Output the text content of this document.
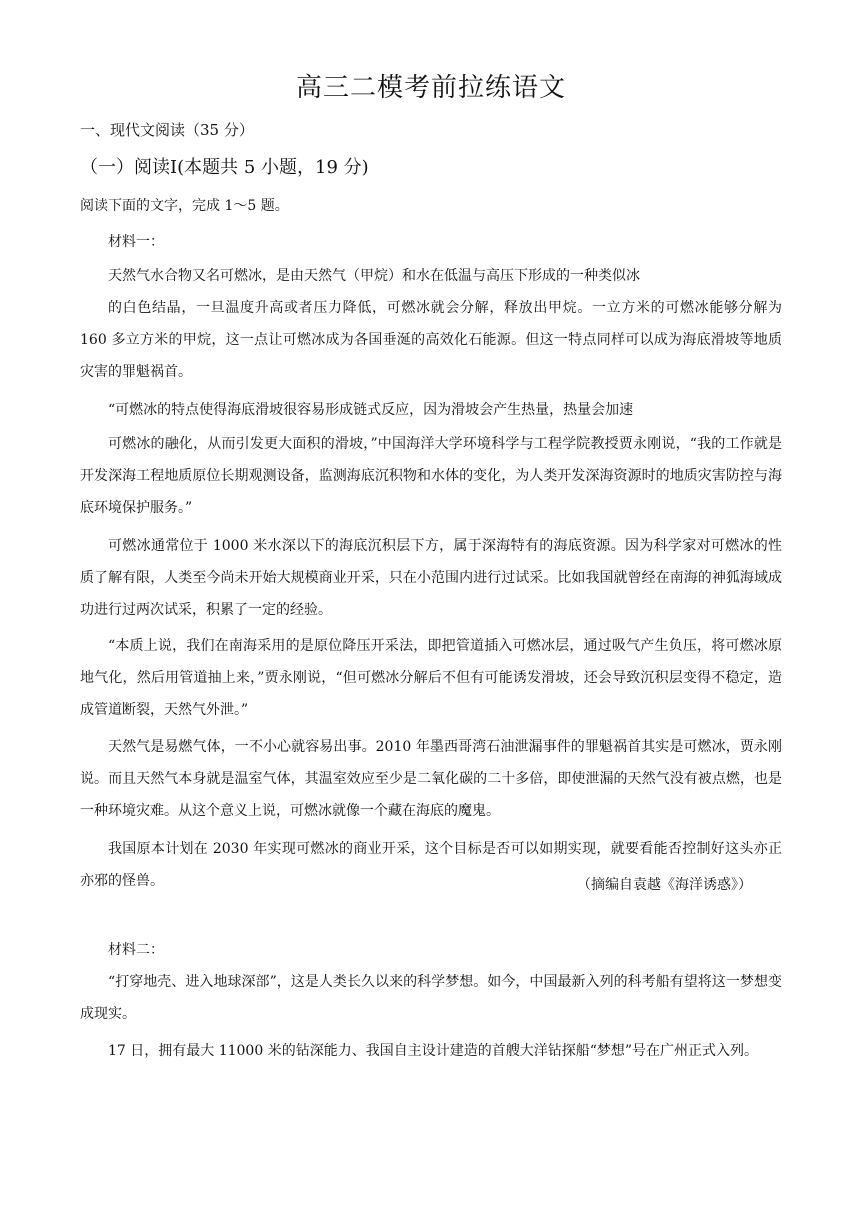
高三二模考前拉练语文
一、现代文阅读（35 分）
（一）阅读Ⅰ(本题共 5 小题，19 分)
阅读下面的文字，完成 1～5 题。
材料一：
天然气水合物又名可燃冰，是由天然气（甲烷）和水在低温与高压下形成的一种类似冰
的白色结晶，一旦温度升高或者压力降低，可燃冰就会分解，释放出甲烷。一立方米的可燃冰能够分解为 160 多立方米的甲烷，这一点让可燃冰成为各国垂涎的高效化石能源。但这一特点同样可以成为海底滑坡等地质灾害的罪魁祸首。
“可燃冰的特点使得海底滑坡很容易形成链式反应，因为滑坡会产生热量，热量会加速
可燃冰的融化，从而引发更大面积的滑坡，”中国海洋大学环境科学与工程学院教授贾永刚说，“我的工作就是开发深海工程地质原位长期观测设备，监测海底沉积物和水体的变化，为人类开发深海资源时的地质灾害防控与海底环境保护服务。”
可燃冰通常位于 1000 米水深以下的海底沉积层下方，属于深海特有的海底资源。因为科学家对可燃冰的性质了解有限，人类至今尚未开始大规模商业开采，只在小范围内进行过试采。比如我国就曾经在南海的神狐海域成功进行过两次试采，积累了一定的经验。
“本质上说，我们在南海采用的是原位降压开采法，即把管道插入可燃冰层，通过吸气产生负压，将可燃冰原地气化，然后用管道抽上来，”贾永刚说，“但可燃冰分解后不但有可能诱发滑坡，还会导致沉积层变得不稳定，造成管道断裂，天然气外泄。”
天然气是易燃气体，一不小心就容易出事。2010 年墨西哥湾石油泄漏事件的罪魁祸首其实是可燃冰，贾永刚说。而且天然气本身就是温室气体，其温室效应至少是二氧化碳的二十多倍，即使泄漏的天然气没有被点燃，也是一种环境灾难。从这个意义上说，可燃冰就像一个藏在海底的魔鬼。
我国原本计划在 2030 年实现可燃冰的商业开采，这个目标是否可以如期实现，就要看能否控制好这头亦正亦邪的怪兽。	（摘编自袁越《海洋诱惑》）
材料二：
“打穿地壳、进入地球深部”，这是人类长久以来的科学梦想。如今，中国最新入列的科考船有望将这一梦想变成现实。
17 日，拥有最大 11000 米的钻深能力、我国自主设计建造的首艘大洋钻探船“梦想”号在广州正式入列。
